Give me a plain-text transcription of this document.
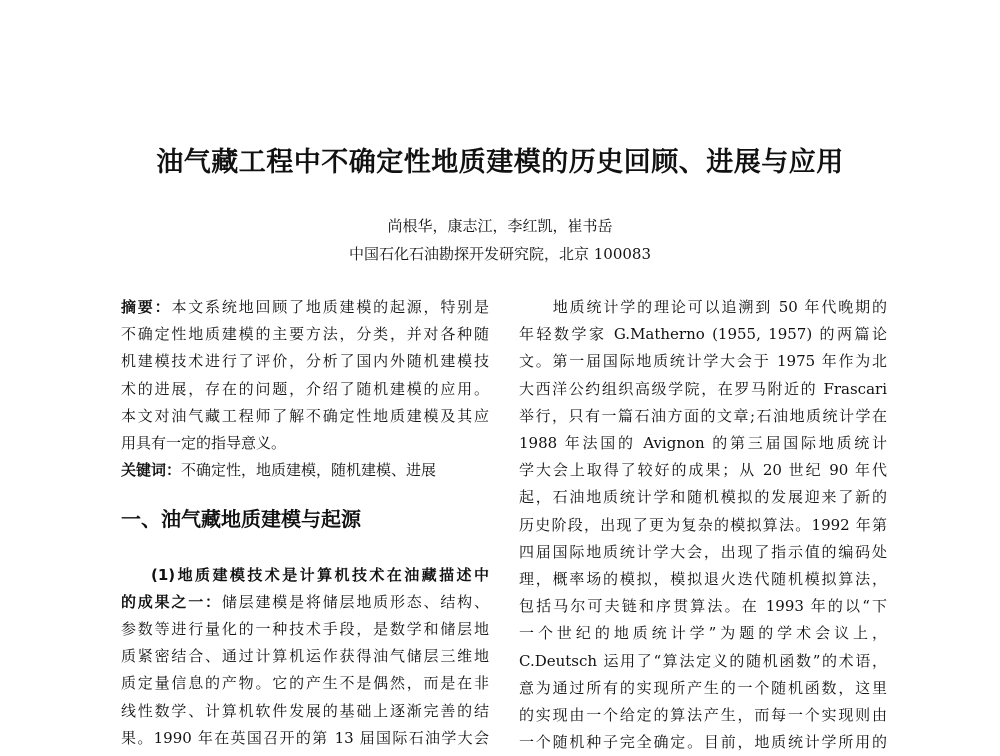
油气藏工程中不确定性地质建模的历史回顾、进展与应用
尚根华，康志江，李红凯，崔书岳
中国石化石油勘探开发研究院，北京 100083
摘要：本文系统地回顾了地质建模的起源，特别是
不确定性地质建模的主要方法，分类，并对各种随
机建模技术进行了评价，分析了国内外随机建模技
术的进展，存在的问题，介绍了随机建模的应用。
本文对油气藏工程师了解不确定性地质建模及其应
用具有一定的指导意义。
关键词：不确定性，地质建模，随机建模、进展
一、油气藏地质建模与起源
(1)地质建模技术是计算机技术在油藏描述中
的成果之一：储层建模是将储层地质形态、结构、
参数等进行量化的一种技术手段，是数学和储层地
质紧密结合、通过计算机运作获得油气储层三维地
质定量信息的产物。它的产生不是偶然，而是在非
线性数学、计算机软件发展的基础上逐渐完善的结
果。1990 年在英国召开的第 13 届国际石油学大会
　　地质统计学的理论可以追溯到 50 年代晚期的
年轻数学家 G.Matherno (1955, 1957) 的两篇论
文。第一届国际地质统计学大会于 1975 年作为北
大西洋公约组织高级学院，在罗马附近的 Frascari
举行，只有一篇石油方面的文章;石油地质统计学在
1988 年法国的 Avignon 的第三届国际地质统计
学大会上取得了较好的成果；从 20 世纪 90 年代
起，石油地质统计学和随机模拟的发展迎来了新的
历史阶段，出现了更为复杂的模拟算法。1992 年第
四届国际地质统计学大会，出现了指示值的编码处
理，概率场的模拟，模拟退火迭代随机模拟算法，
包括马尔可夫链和序贯算法。在 1993 年的以“下
一个世纪的地质统计学”为题的学术会议上，
C.Deutsch 运用了“算法定义的随机函数”的术语，
意为通过所有的实现所产生的一个随机函数，这里
的实现由一个给定的算法产生，而每一个实现则由
一个随机种子完全确定。目前，地质统计学所用的
